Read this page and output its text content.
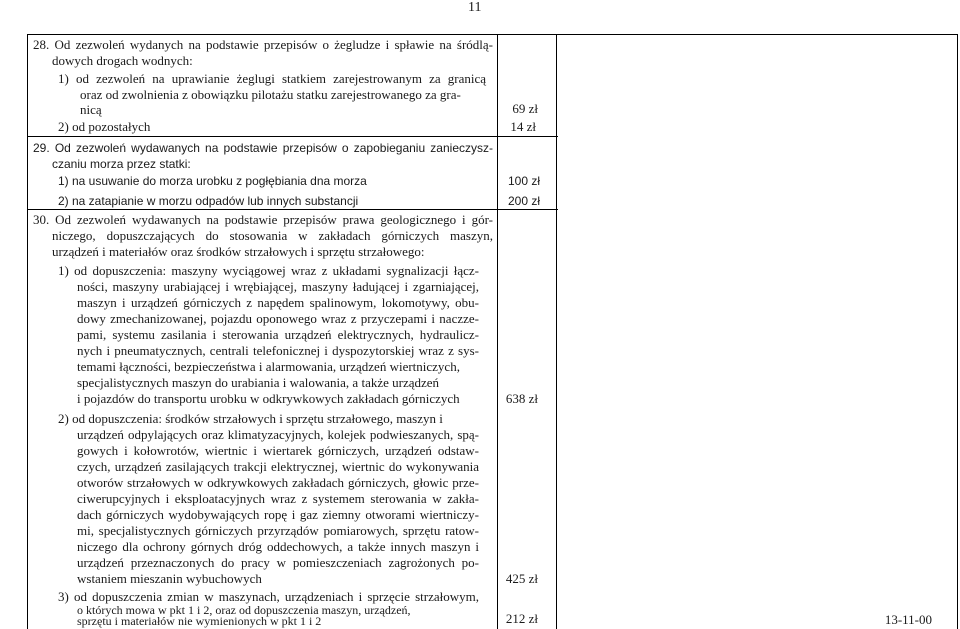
11
28. Od zezwoleń wydanych na podstawie przepisów o żegludze i spławie na śródlą-
dowych drogach wodnych:
1) od zezwoleń na uprawianie żeglugi statkiem zarejestrowanym za granicą
oraz od zwolnienia z obowiązku pilotażu statku zarejestrowanego za gra-
nicą	69 zł
2) od pozostałych	14 zł
29. Od zezwoleń wydawanych na podstawie przepisów o zapobieganiu zanieczysz-
czaniu morza przez statki:
1) na usuwanie do morza urobku z pogłębiania dna morza	100 zł
2) na zatapianie w morzu odpadów lub innych substancji	200 zł
30. Od zezwoleń wydawanych na podstawie przepisów prawa geologicznego i gór-
niczego, dopuszczających do stosowania w zakładach górniczych maszyn,
urządzeń i materiałów oraz środków strzałowych i sprzętu strzałowego:
1) od dopuszczenia: maszyny wyciągowej wraz z układami sygnalizacji łącz-
ności, maszyny urabiającej i wrębiającej, maszyny ładującej i zgarniającej,
maszyn i urządzeń górniczych z napędem spalinowym, lokomotywy, obu-
dowy zmechanizowanej, pojazdu oponowego wraz z przyczepami i naczze-
pami, systemu zasilania i sterowania urządzeń elektrycznych, hydraulicz-
nych i pneumatycznych, centrali telefonicznej i dyspozytorskiej wraz z sys-
temami łączności, bezpieczeństwa i alarmowania, urządzeń wiertniczych,
specjalistycznych maszyn do urabiania i walowania, a także urządzeń
i pojazdów do transportu urobku w odkrywkowych zakładach górniczych	638 zł
2) od dopuszczenia: środków strzałowych i sprzętu strzałowego, maszyn i
urządzeń odpylających oraz klimatyzacyjnych, kolejek podwieszanych, spą-
gowych i kołowrotów, wiertnic i wiertarek górniczych, urządzeń odstaw-
czych, urządzeń zasilających trakcji elektrycznej, wiertnic do wykonywania
otworów strzałowych w odkrywkowych zakładach górniczych, głowic prze-
ciwerupcyjnych i eksploatacyjnych wraz z systemem sterowania w zakła-
dach górniczych wydobywających ropę i gaz ziemny otworami wiertniczy-
mi, specjalistycznych górniczych przyrządów pomiarowych, sprzętu ratow-
niczego dla ochrony górnych dróg oddechowych, a także innych maszyn i
urządzeń przeznaczonych do pracy w pomieszczeniach zagrożonych po-
wstaniem mieszanin wybuchowych	425 zł
3) od dopuszczenia zmian w maszynach, urządzeniach i sprzęcie strzałowym,
o których mowa w pkt 1 i 2, oraz od dopuszczenia maszyn, urządzeń,
sprzętu i materiałów nie wymienionych w pkt 1 i 2	212 zł	13-11-00
